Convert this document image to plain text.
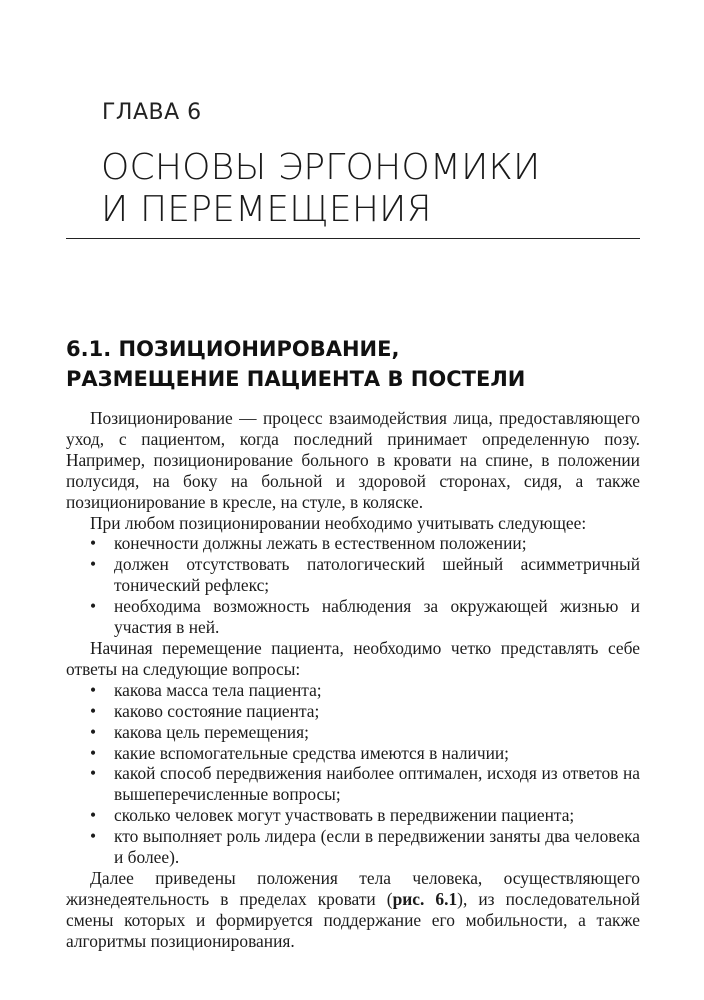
ГЛАВА 6
ОСНОВЫ ЭРГОНОМИКИ
И ПЕРЕМЕЩЕНИЯ
6.1. ПОЗИЦИОНИРОВАНИЕ,
РАЗМЕЩЕНИЕ ПАЦИЕНТА В ПОСТЕЛИ

Позиционирование — процесс взаимодействия лица, предоставляющего уход, с пациентом, когда последний принимает определенную позу. Например, позиционирование больного в кровати на спине, в положении полусидя, на боку на больной и здоровой сторонах, сидя, а также позиционирование в кресле, на стуле, в коляске.

При любом позиционировании необходимо учитывать следующее:

• конечности должны лежать в естественном положении;
• должен отсутствовать патологический шейный асимметричный тонический рефлекс;
• необходима возможность наблюдения за окружающей жизнью и участия в ней.

Начиная перемещение пациента, необходимо четко представлять себе ответы на следующие вопросы:

• какова масса тела пациента;
• каково состояние пациента;
• какова цель перемещения;
• какие вспомогательные средства имеются в наличии;
• какой способ передвижения наиболее оптимален, исходя из ответов на вышеперечисленные вопросы;
• сколько человек могут участвовать в передвижении пациента;
• кто выполняет роль лидера (если в передвижении заняты два человека и более).

Далее приведены положения тела человека, осуществляющего жизнедеятельность в пределах кровати (рис. 6.1), из последовательной смены которых и формируется поддержание его мобильности, а также алгоритмы позиционирования.
